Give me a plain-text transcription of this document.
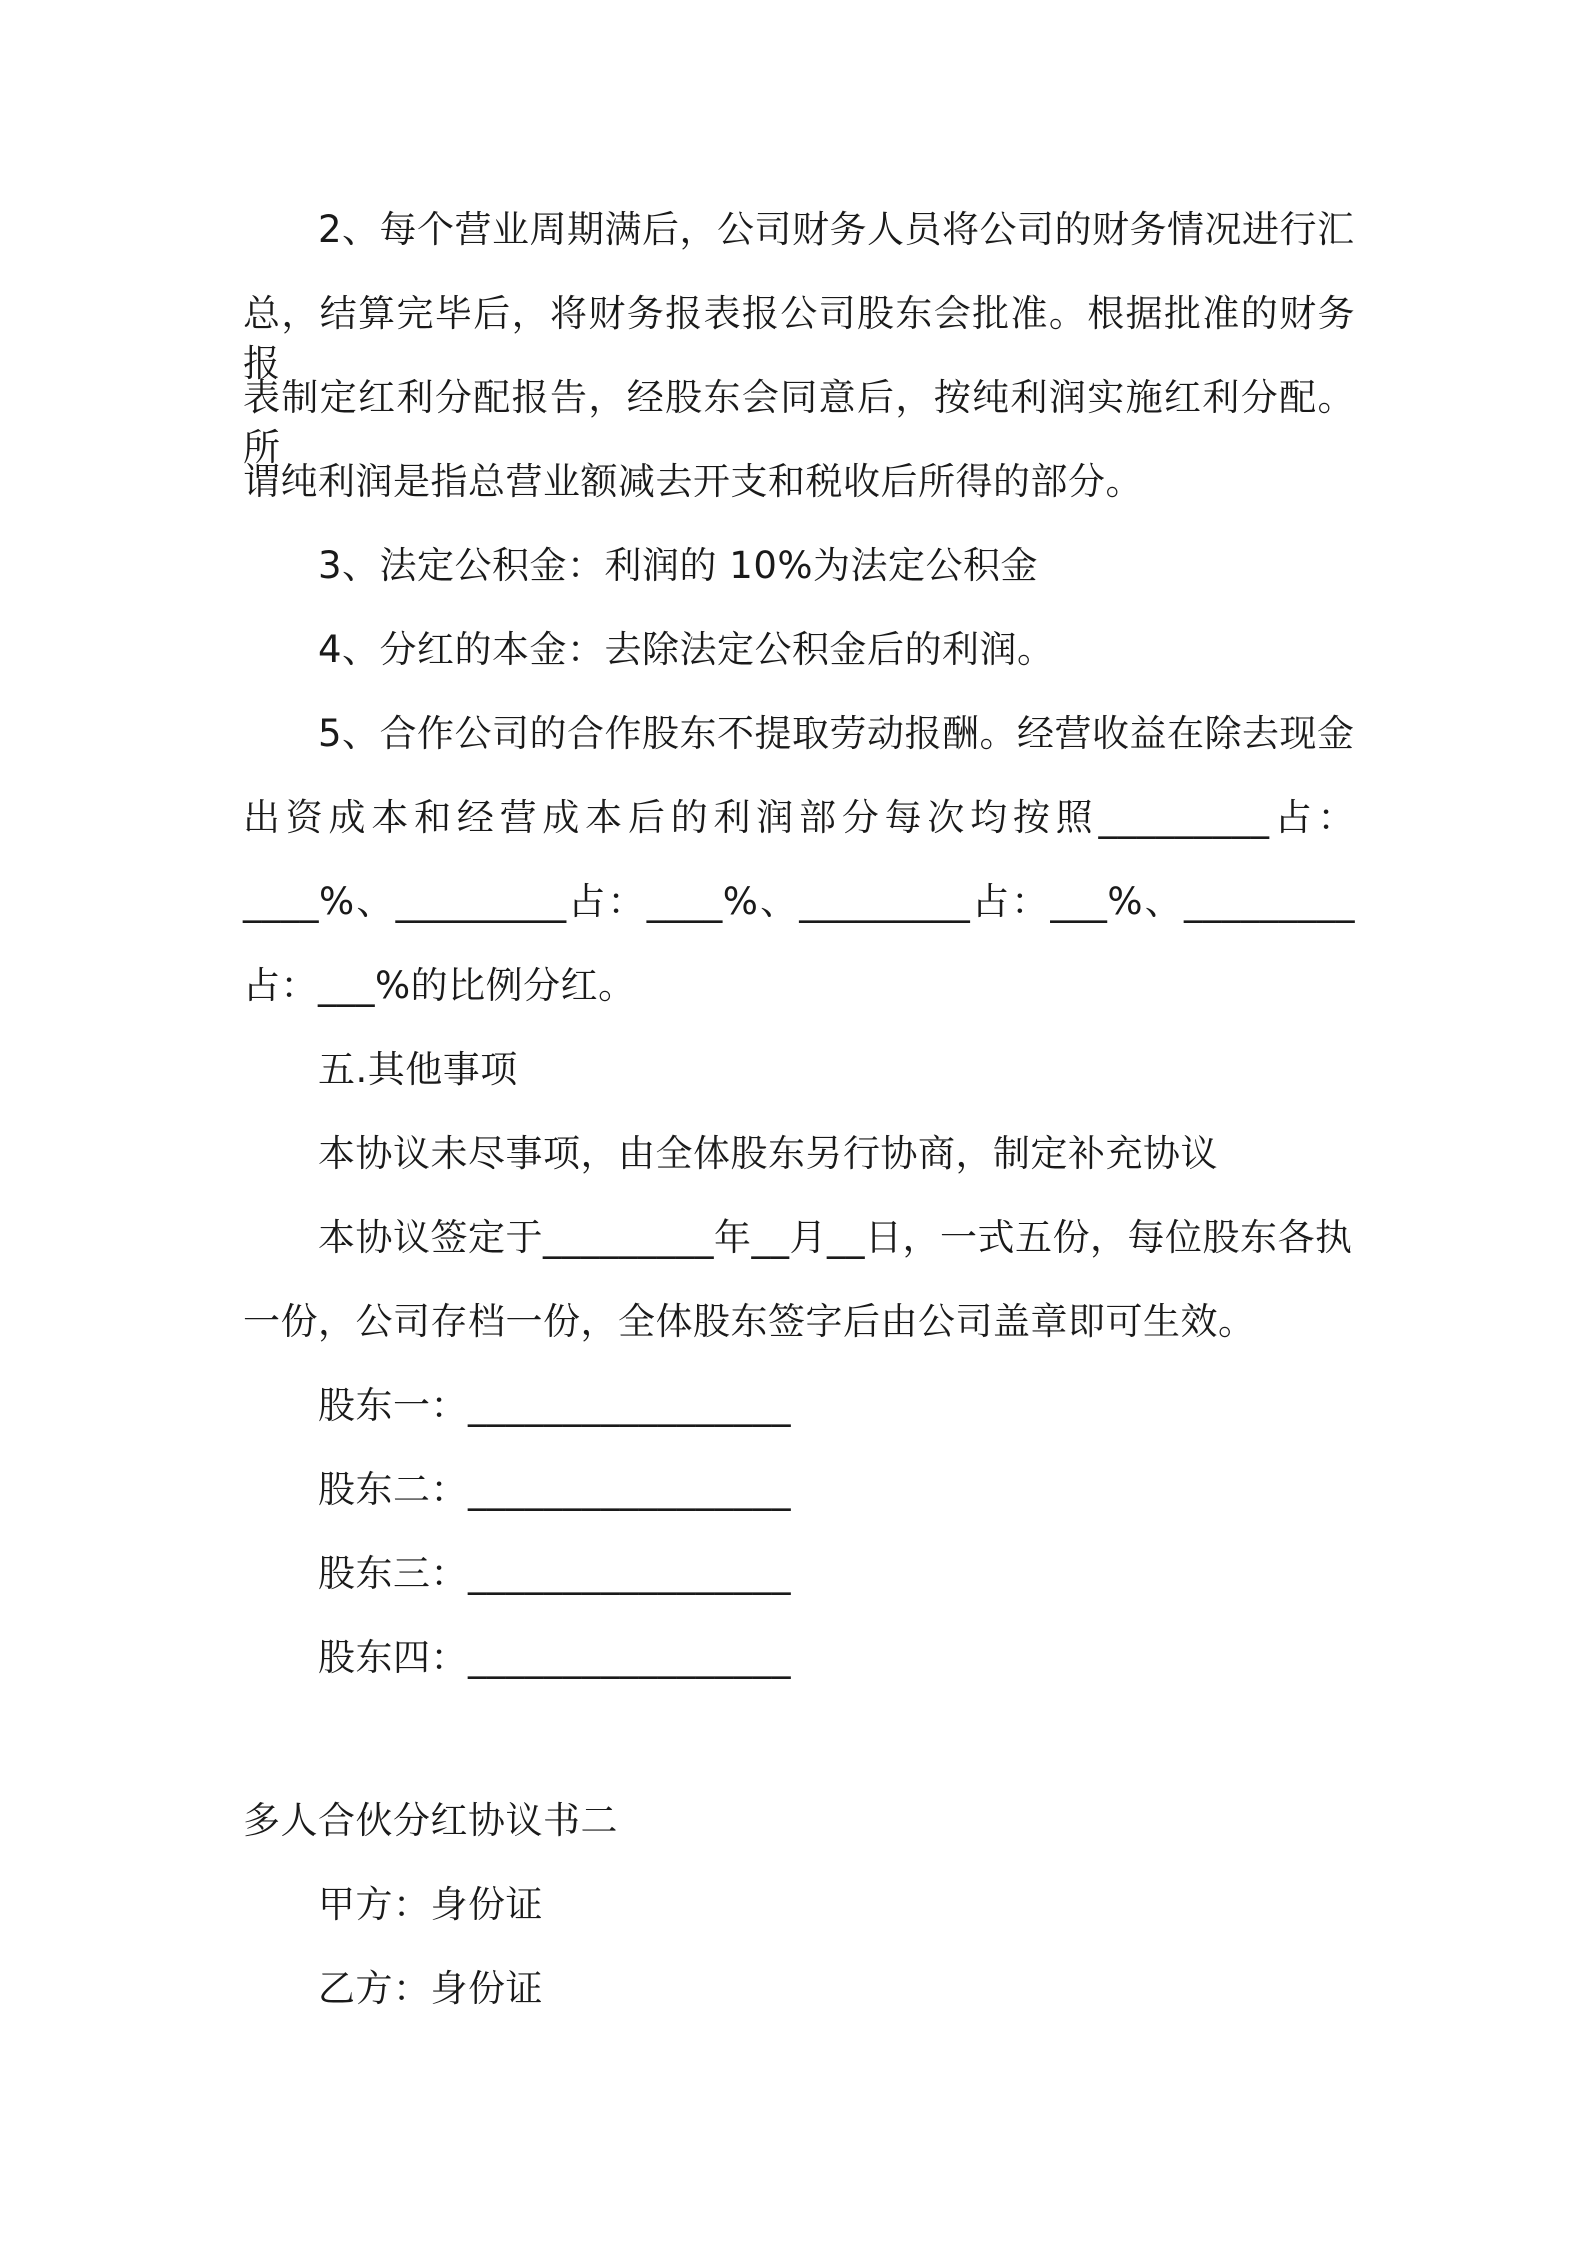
2、每个营业周期满后，公司财务人员将公司的财务情况进行汇
总，结算完毕后，将财务报表报公司股东会批准。根据批准的财务报
表制定红利分配报告，经股东会同意后，按纯利润实施红利分配。所
谓纯利润是指总营业额减去开支和税收后所得的部分。
3、法定公积金：利润的 10%为法定公积金
4、分红的本金：去除法定公积金后的利润。
5、合作公司的合作股东不提取劳动报酬。经营收益在除去现金
出资成本和经营成本后的利润部分每次均按照_________占：
____%、_________占：____%、_________占：___%、_________
占：___%的比例分红。
五.其他事项
本协议未尽事项，由全体股东另行协商，制定补充协议
本协议签定于_________年__月__日，一式五份，每位股东各执
一份，公司存档一份，全体股东签字后由公司盖章即可生效。
股东一：_________________
股东二：_________________
股东三：_________________
股东四：_________________
多人合伙分红协议书二
甲方：身份证
乙方：身份证
